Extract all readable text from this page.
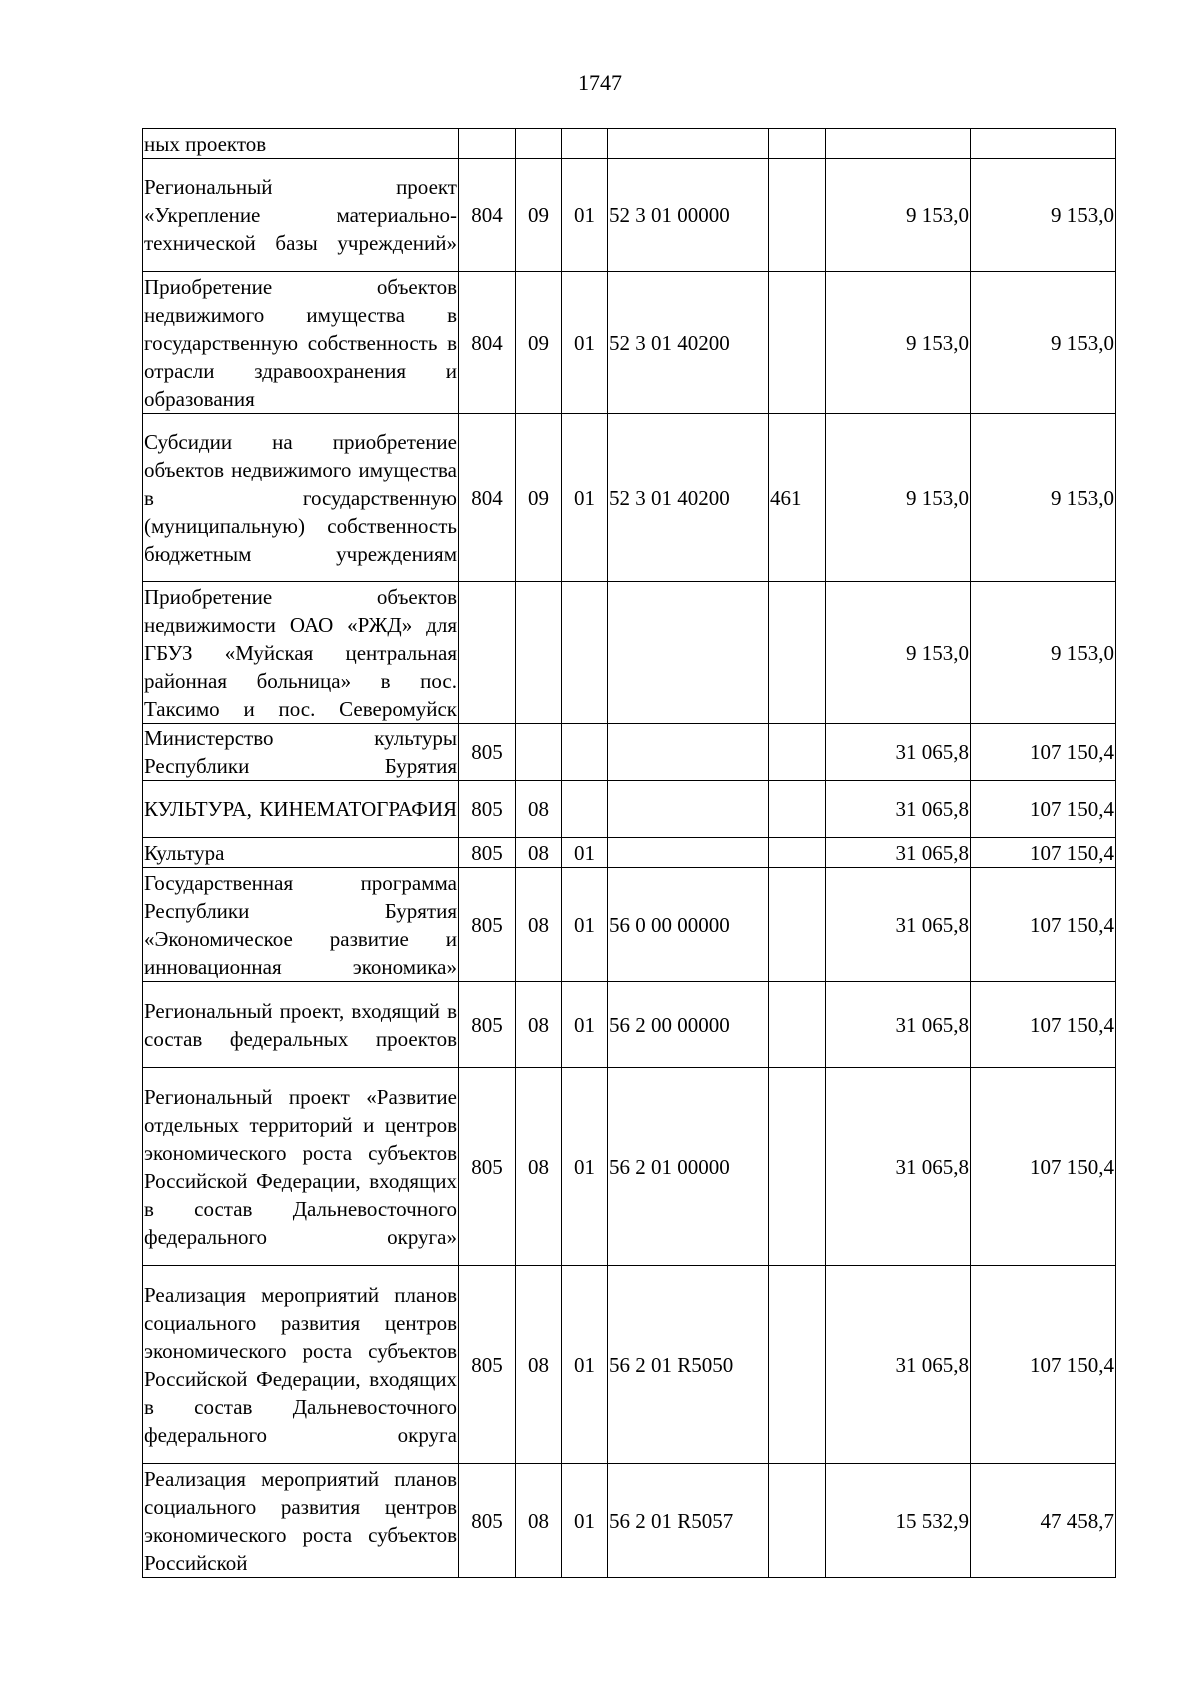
1747
ных проектов							
Региональный проект «Укрепление материально-технической базы учреждений»	804	09	01	52 3 01 00000		9 153,0	9 153,0
Приобретение объектов недвижимого имущества в государственную собственность в отрасли здравоохранения и образования	804	09	01	52 3 01 40200		9 153,0	9 153,0
Субсидии на приобретение объектов недвижимого имущества в государственную (муниципальную) собственность бюджетным учреждениям	804	09	01	52 3 01 40200	461	9 153,0	9 153,0
Приобретение объектов недвижимости ОАО «РЖД» для ГБУЗ «Муйская центральная районная больница» в пос. Таксимо и пос. Северомуйск						9 153,0	9 153,0
Министерство культуры Республики Бурятия	805					31 065,8	107 150,4
КУЛЬТУРА, КИНЕМАТОГРАФИЯ	805	08				31 065,8	107 150,4
Культура	805	08	01			31 065,8	107 150,4
Государственная программа Республики Бурятия «Экономическое развитие и инновационная экономика»	805	08	01	56 0 00 00000		31 065,8	107 150,4
Региональный проект, входящий в состав федеральных проектов	805	08	01	56 2 00 00000		31 065,8	107 150,4
Региональный проект «Развитие отдельных территорий и центров экономического роста субъектов Российской Федерации, входящих в состав Дальневосточного федерального округа»	805	08	01	56 2 01 00000		31 065,8	107 150,4
Реализация мероприятий планов социального развития центров экономического роста субъектов Российской Федерации, входящих в состав Дальневосточного федерального округа	805	08	01	56 2 01 R5050		31 065,8	107 150,4
Реализация мероприятий планов социального развития центров экономического роста субъектов Российской	805	08	01	56 2 01 R5057		15 532,9	47 458,7
